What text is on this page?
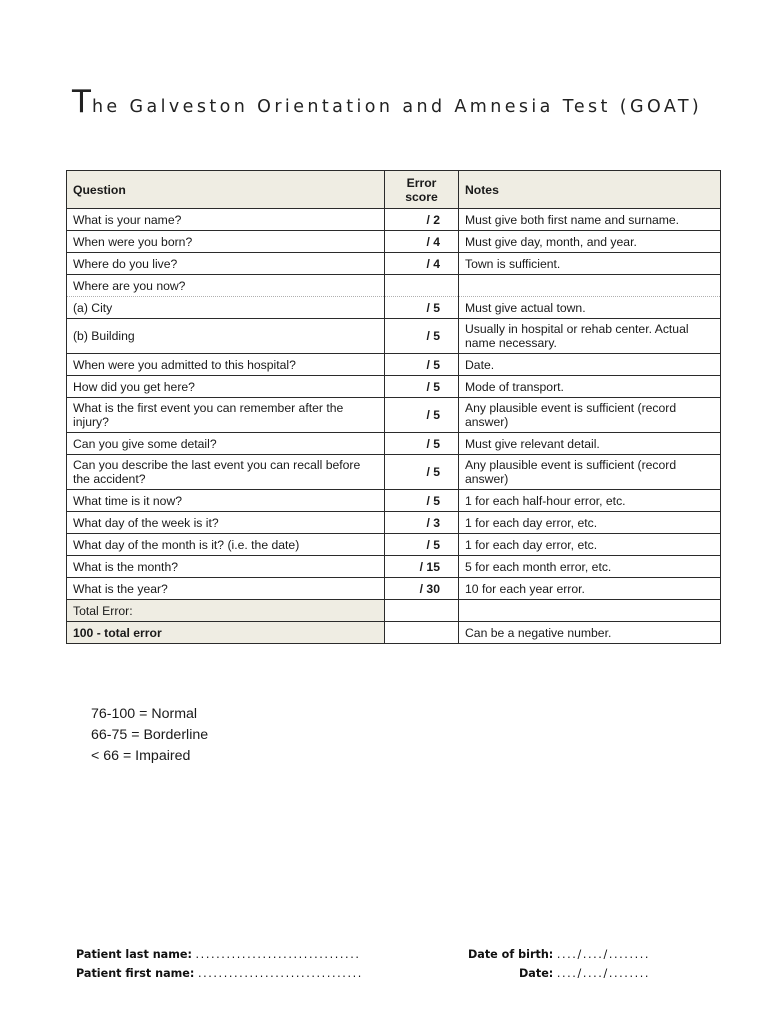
The Galveston Orientation and Amnesia Test (GOAT)
Question	Error score	Notes
What is your name?	/ 2	Must give both first name and surname.
When were you born?	/ 4	Must give day, month, and year.
Where do you live?	/ 4	Town is sufficient.
Where are you now?		
(a) City	/ 5	Must give actual town.
(b) Building	/ 5	Usually in hospital or rehab center. Actual name necessary.
When were you admitted to this hospital?	/ 5	Date.
How did you get here?	/ 5	Mode of transport.
What is the first event you can remember after the injury?	/ 5	Any plausible event is sufficient (record answer)
Can you give some detail?	/ 5	Must give relevant detail.
Can you describe the last event you can recall before the accident?	/ 5	Any plausible event is sufficient (record answer)
What time is it now?	/ 5	1 for each half-hour error, etc.
What day of the week is it?	/ 3	1 for each day error, etc.
What day of the month is it? (i.e. the date)	/ 5	1 for each day error, etc.
What is the month?	/ 15	5 for each month error, etc.
What is the year?	/ 30	10 for each year error.
Total Error:		
100 - total error		Can be a negative number.
76-100 = Normal
66-75 = Borderline
< 66 = Impaired
Patient last name: ................................
Patient first name: ................................
Date of birth: ..../..../........
Date: ..../..../........
